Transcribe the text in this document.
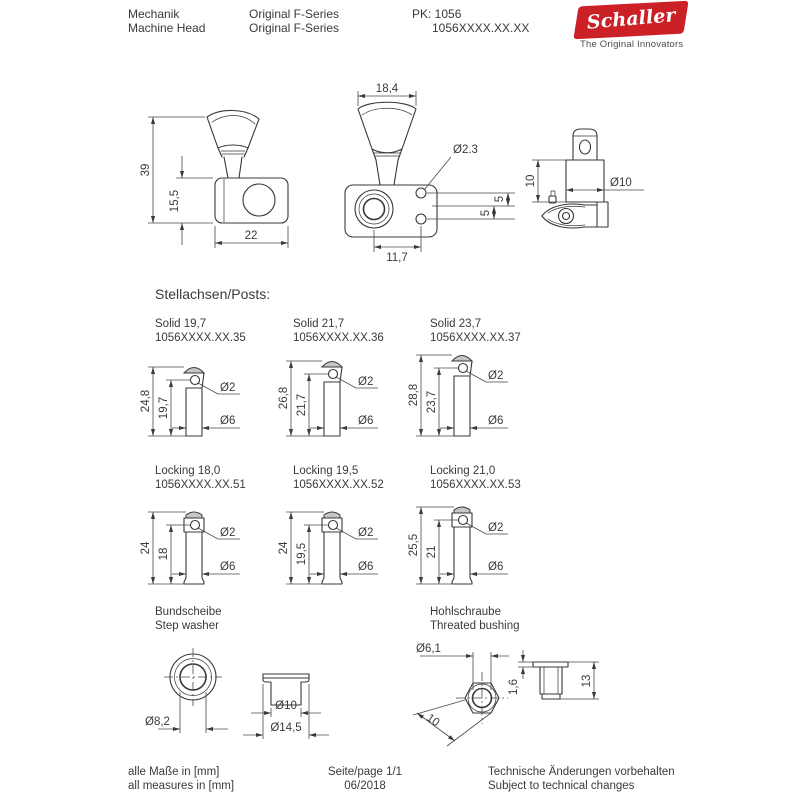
Mechanik
Machine Head
Original F-Series
Original F-Series
PK: 1056
1056XXXX.XX.XX	Schaller
The Original Innovators
Stellachsen/Posts:
Solid 19,7
1056XXXX.XX.35
Solid 21,7
1056XXXX.XX.36
Solid 23,7
1056XXXX.XX.37
Locking 18,0
1056XXXX.XX.51
Locking 19,5
1056XXXX.XX.52
Locking 21,0
1056XXXX.XX.53
Bundscheibe
Step washer
Hohlschraube
Threated bushing
alle Maße in [mm]
all measures in [mm]
Seite/page 1/1
06/2018
Technische Änderungen vorbehalten
Subject to technical changes
39
15,5
22
18,4
Ø2.3
5
5
11,7
Ø10
10
Ø2
Ø6
24,8 19,7
Ø2
Ø6
26,8 21,7
Ø2
Ø6
28,8 23,7
Ø2
Ø6
24 18
Ø2
Ø6
24 19,5
Ø2
Ø6
25,5 21
Ø8,2
Ø10
Ø14,5
Ø6,1
10
1,6	13
